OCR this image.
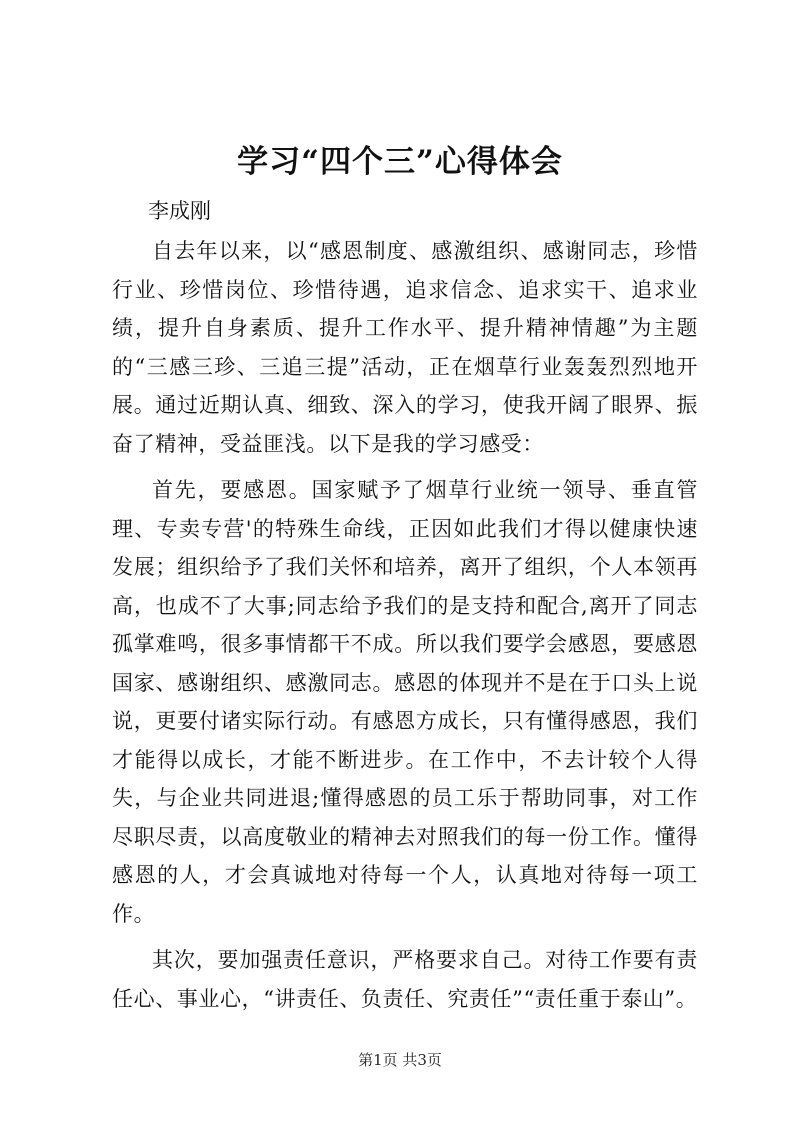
学习“四个三”心得体会

李成刚

自去年以来，以“感恩制度、感激组织、感谢同志，珍惜行业、珍惜岗位、珍惜待遇，追求信念、追求实干、追求业绩，提升自身素质、提升工作水平、提升精神情趣”为主题的“三感三珍、三追三提”活动，正在烟草行业轰轰烈烈地开展。通过近期认真、细致、深入的学习，使我开阔了眼界、振奋了精神，受益匪浅。以下是我的学习感受：

首先，要感恩。国家赋予了烟草行业统一领导、垂直管理、专卖专营'的特殊生命线，正因如此我们才得以健康快速发展；组织给予了我们关怀和培养，离开了组织，个人本领再高，也成不了大事;同志给予我们的是支持和配合,离开了同志孤掌难鸣，很多事情都干不成。所以我们要学会感恩，要感恩国家、感谢组织、感激同志。感恩的体现并不是在于口头上说说，更要付诸实际行动。有感恩方成长，只有懂得感恩，我们才能得以成长，才能不断进步。在工作中，不去计较个人得失，与企业共同进退;懂得感恩的员工乐于帮助同事，对工作尽职尽责，以高度敬业的精神去对照我们的每一份工作。懂得感恩的人，才会真诚地对待每一个人，认真地对待每一项工作。

其次，要加强责任意识，严格要求自己。对待工作要有责任心、事业心，“讲责任、负责任、究责任”“责任重于泰山”。

第1页 共3页
